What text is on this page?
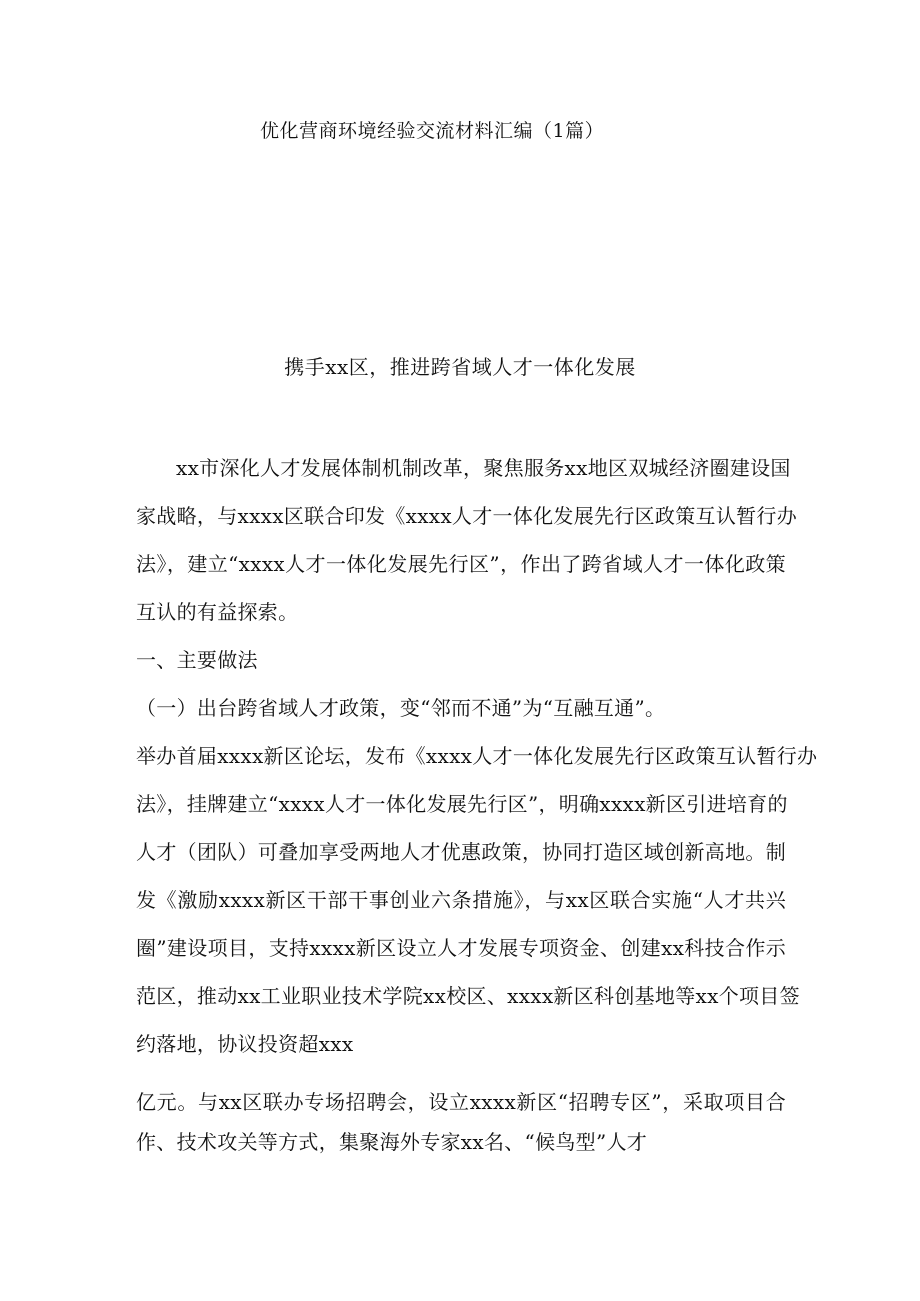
优化营商环境经验交流材料汇编（1篇）
携手xx区，推进跨省域人才一体化发展
xx市深化人才发展体制机制改革，聚焦服务xx地区双城经济圈建设国
家战略，与xxxx区联合印发《xxxx人才一体化发展先行区政策互认暂行办
法》，建立“xxxx人才一体化发展先行区”，作出了跨省域人才一体化政策
互认的有益探索。
一、主要做法
（一）出台跨省域人才政策，变“邻而不通”为“互融互通”。
举办首届xxxx新区论坛，发布《xxxx人才一体化发展先行区政策互认暂行办
法》，挂牌建立“xxxx人才一体化发展先行区”，明确xxxx新区引进培育的
人才（团队）可叠加享受两地人才优惠政策，协同打造区域创新高地。制
发《激励xxxx新区干部干事创业六条措施》，与xx区联合实施“人才共兴
圈”建设项目，支持xxxx新区设立人才发展专项资金、创建xx科技合作示
范区，推动xx工业职业技术学院xx校区、xxxx新区科创基地等xx个项目签
约落地，协议投资超xxx
亿元。与xx区联办专场招聘会，设立xxxx新区“招聘专区”，采取项目合
作、技术攻关等方式，集聚海外专家xx名、“候鸟型”人才
